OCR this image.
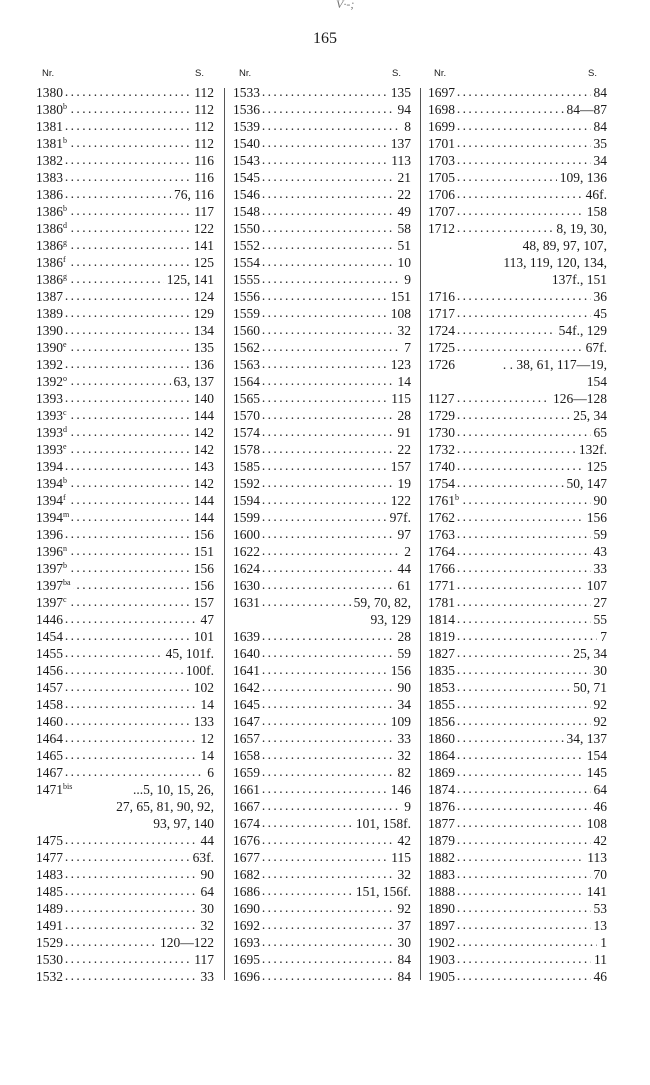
V·-;
165
Nr.	S.
.....
1380	112
.....
1380$^b$	112
.....
1381	112
.....
1381$^b$	112
.....
1382	116
.....
1383	116
.....
1386	76, 116
.....
1386$^b$	117
.....
1386$^d$	122
.....
1386$^g$	141
.....
1386$^f$	125
.....
1386$^g$	125, 141
.....
1387	124
.....
1389	129
.....
1390	134
.....
1390e	135
.....
1392	136
.....
1392$^o$	63, 137
.....
1393	140
.....
1393$^c$	144
.....
1393$^d$	142
.....
1393e	142
.....
1394	143
.....
1394$^b$	142
.....
1394$^f$	144
.....
1394$^m$	144
.....
1396	156
.....
1396$^n$	151
.....
1397$^b$	156
.....
$1397^{ba}$	156
.....
1397$^c$	157
.....
1446	47
.....
1454	101
.....
1455	45, 101f.
.....
1456	100f.
.....
1457	102
.....
1458	14
.....
1460	133
.....
1464	12
.....
1465	14
.....
1467	6
$1471^{bis}$	...5, 10, 15, 26,
27, 65, 81, 90, 92,
93, 97, 140
.....
1475	44
.....
1477	63f.
.....
1483	90
.....
1485	64
.....
1489	30
.....
1491	32
.....
1529	120—122
.....
1530	117
.....
1532	33
Nr.	S.
.....
1533	135
.....
1536	94
.....
1539	8
.....
1540	137
.....
1543	113
.....
1545	21
.....
1546	22
.....
1548	49
.....
1550	58
.....
1552	51
.....
1554	10
.....
1555	9
.....
1556	151
.....
1559	108
.....
1560	32
.....
1562	7
.....
1563	123
.....
1564	14
.....
1565	115
.....
1570	28
.....
1574	91
.....
1578	22
.....
1585	157
.....
1592	19
.....
1594	122
.....
1599	97f.
.....
1600	97
.....
1622	2
.....
1624	44
.....
1630	61
.....
1631	59, 70, 82,
93, 129
.....
1639	28
.....
1640	59
.....
1641	156
.....
1642	90
.....
1645	34
.....
1647	109
.....
1657	33
.....
1658	32
.....
1659	82
.....
1661	146
.....
1667	9
.....
1674	101, 158f.
.....
1676	42
.....
1677	115
.....
1682	32
.....
1686	151, 156f.
.....
1690	92
.....
1692	37
.....
1693	30
.....
1695	84
.....
1696	84
Nr.	S.
.....
1697	84
.....
1698	84—87
.....
1699	84
.....
1701	35
.....
1703	34
.....
1705	109, 136
.....
1706	46f.
.....
1707	158
.....
1712	8, 19, 30,
48, 89, 97, 107,
113, 119, 120, 134,
137f., 151
.....
1716	36
.....
1717	45
.....
1724	54f., 129
.....
1725	67f.
1726	. . 38, 61, 117—19,
154
.....
1127	126—128
.....
1729	25, 34
.....
1730	65
.....
1732	132f.
.....
1740	125
.....
1754	50, 147
.....
1761$^b$	90
.....
1762	156
.....
1763	59
.....
1764	43
.....
1766	33
.....
1771	107
.....
1781	27
.....
1814	55
.....
1819	7
.....
1827	25, 34
.....
1835	30
.....
1853	50, 71
.....
1855	92
.....
1856	92
.....
1860	34, 137
.....
1864	154
.....
1869	145
.....
1874	64
.....
1876	46
.....
1877	108
.....
1879	42
.....
1882	113
.....
1883	70
.....
1888	141
.....
1890	53
.....
1897	13
.....
1902	1
.....
1903	11
.....
1905	46
